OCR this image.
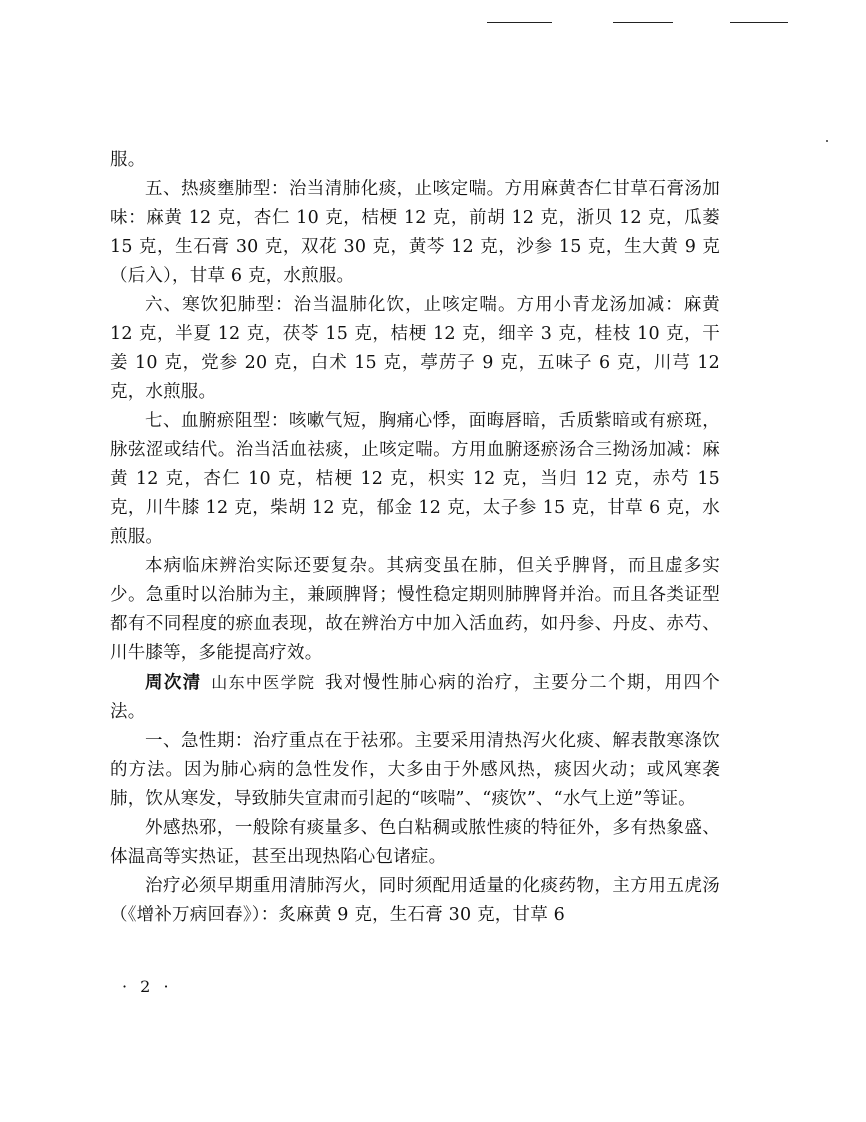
服。

五、热痰壅肺型：治当清肺化痰，止咳定喘。方用麻黄杏仁甘草石膏汤加味：麻黄 12 克，杏仁 10 克，桔梗 12 克，前胡 12 克，浙贝 12 克，瓜蒌 15 克，生石膏 30 克，双花 30 克，黄芩 12 克，沙参 15 克，生大黄 9 克（后入），甘草 6 克，水煎服。

六、寒饮犯肺型：治当温肺化饮，止咳定喘。方用小青龙汤加减：麻黄 12 克，半夏 12 克，茯苓 15 克，桔梗 12 克，细辛 3 克，桂枝 10 克，干姜 10 克，党参 20 克，白术 15 克，葶苈子 9 克，五味子 6 克，川芎 12 克，水煎服。

七、血腑瘀阻型：咳嗽气短，胸痛心悸，面晦唇暗，舌质紫暗或有瘀斑，脉弦涩或结代。治当活血祛痰，止咳定喘。方用血腑逐瘀汤合三拗汤加减：麻黄 12 克，杏仁 10 克，桔梗 12 克，枳实 12 克，当归 12 克，赤芍 15 克，川牛膝 12 克，柴胡 12 克，郁金 12 克，太子参 15 克，甘草 6 克，水煎服。

本病临床辨治实际还要复杂。其病变虽在肺，但关乎脾肾，而且虚多实少。急重时以治肺为主，兼顾脾肾；慢性稳定期则肺脾肾并治。而且各类证型都有不同程度的瘀血表现，故在辨治方中加入活血药，如丹参、丹皮、赤芍、川牛膝等，多能提高疗效。

周次清 山东中医学院 我对慢性肺心病的治疗，主要分二个期，用四个法。

一、急性期：治疗重点在于祛邪。主要采用清热泻火化痰、解表散寒涤饮的方法。因为肺心病的急性发作，大多由于外感风热，痰因火动；或风寒袭肺，饮从寒发，导致肺失宣肃而引起的“咳喘”、“痰饮”、“水气上逆”等证。

外感热邪，一般除有痰量多、色白粘稠或脓性痰的特征外，多有热象盛、体温高等实热证，甚至出现热陷心包诸症。

治疗必须早期重用清肺泻火，同时须配用适量的化痰药物，主方用五虎汤（《增补万病回春》）：炙麻黄 9 克，生石膏 30 克，甘草 6

· 2 ·
